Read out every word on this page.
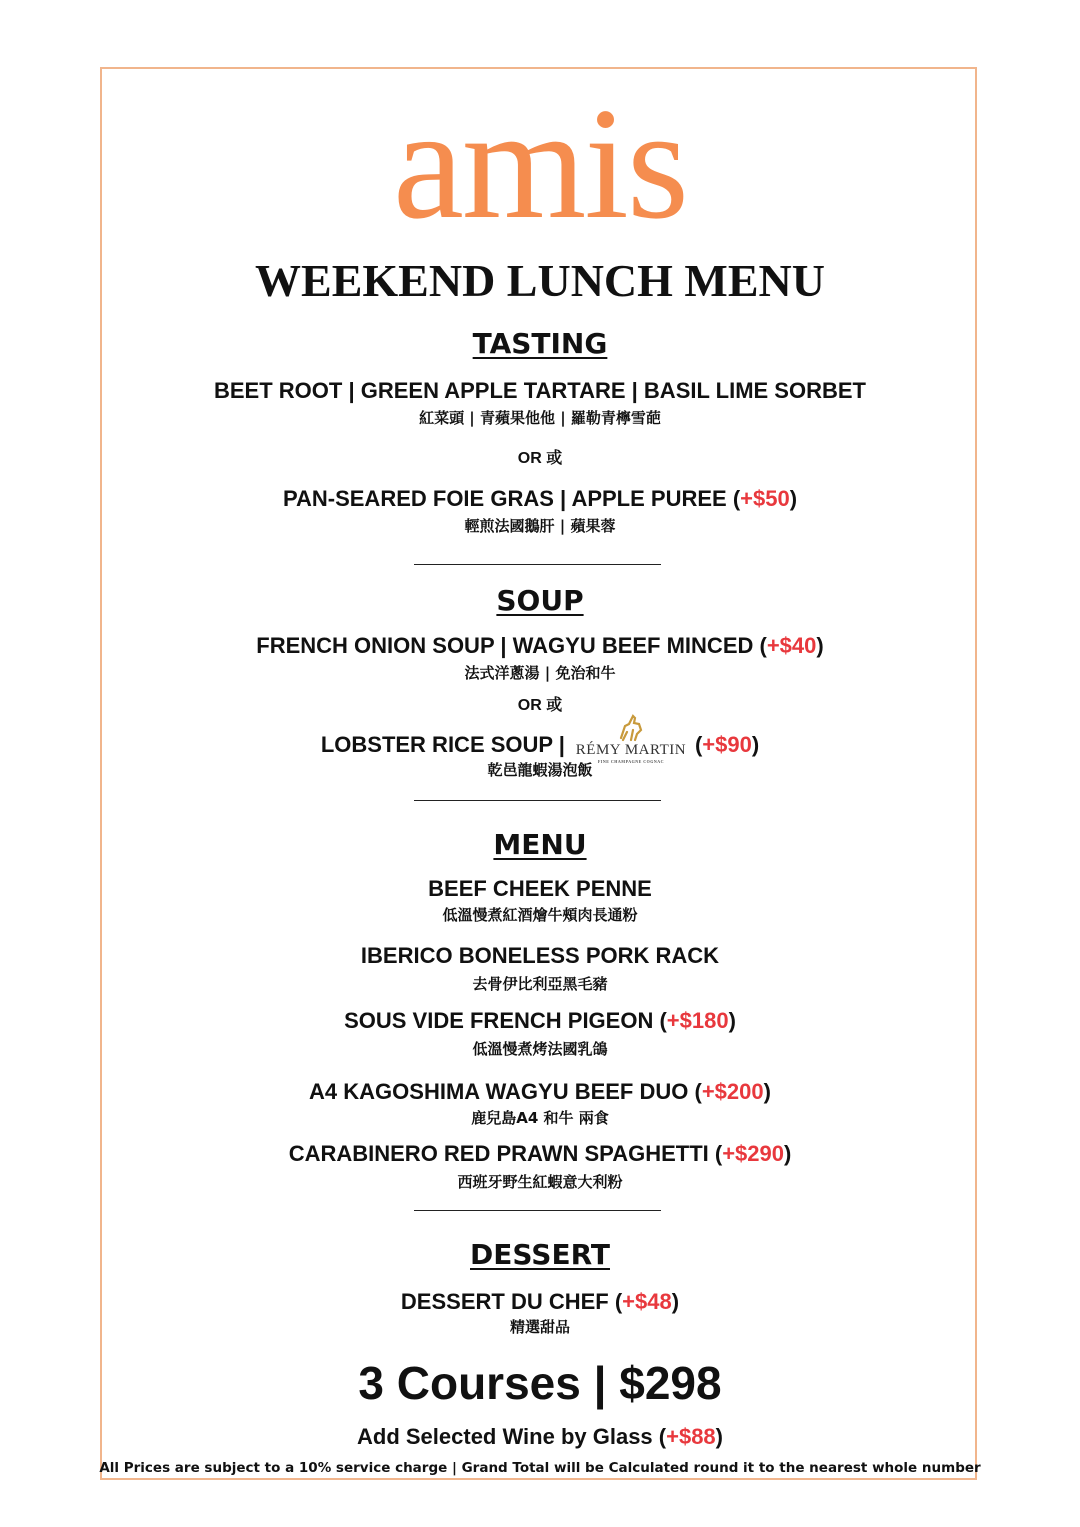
amis
WEEKEND LUNCH MENU
TASTING
BEET ROOT | GREEN APPLE TARTARE | BASIL LIME SORBET
紅菜頭 | 青蘋果他他 | 羅勒青檸雪葩
OR 或
PAN-SEARED FOIE GRAS | APPLE PUREE (+$50)
輕煎法國鵝肝 | 蘋果蓉
SOUP
FRENCH ONION SOUP | WAGYU BEEF MINCED (+$40)
法式洋蔥湯 | 免治和牛
OR 或
LOBSTER RICE SOUP | RÉMY MARTIN
FINE CHAMPAGNE COGNAC
(+$90)
乾邑龍蝦湯泡飯
MENU
BEEF CHEEK PENNE
低溫慢煮紅酒燴牛頰肉長通粉
IBERICO BONELESS PORK RACK
去骨伊比利亞黑毛豬
SOUS VIDE FRENCH PIGEON (+$180)
低溫慢煮烤法國乳鴿
A4 KAGOSHIMA WAGYU BEEF DUO (+$200)
鹿兒島A4 和牛 兩食
CARABINERO RED PRAWN SPAGHETTI (+$290)
西班牙野生紅蝦意大利粉
DESSERT
DESSERT DU CHEF (+$48)
精選甜品
3 Courses | $298
Add Selected Wine by Glass (+$88)
All Prices are subject to a 10% service charge | Grand Total will be Calculated round it to the nearest whole number
